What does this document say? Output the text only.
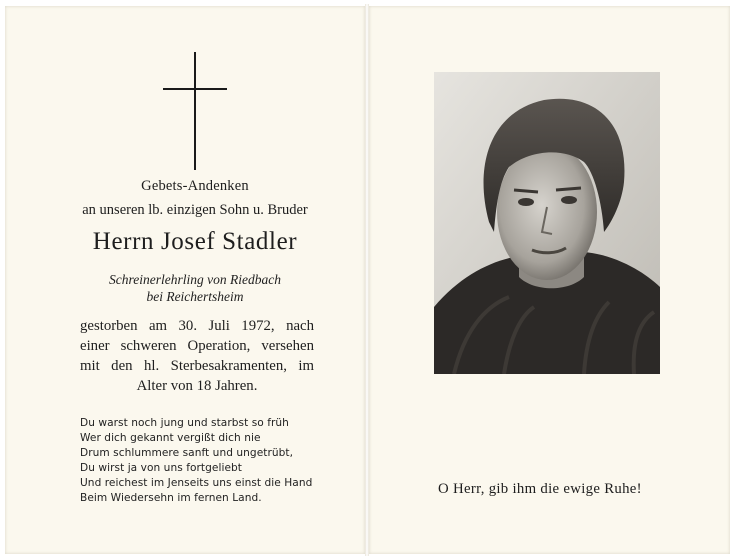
Gebets-Andenken
an unseren lb. einzigen Sohn u. Bruder
Herrn Josef Stadler
Schreinerlehrling von Riedbach
bei Reichertsheim
gestorben am 30. Juli 1972, nach
einer schweren Operation, versehen
mit den hl. Sterbesakramenten, im
Alter von 18 Jahren.
Du warst noch jung und starbst so früh
Wer dich gekannt vergißt dich nie
Drum schlummere sanft und ungetrübt,
Du wirst ja von uns fortgeliebt
Und reichest im Jenseits uns einst die Hand
Beim Wiedersehn im fernen Land.
O Herr, gib ihm die ewige Ruhe!
